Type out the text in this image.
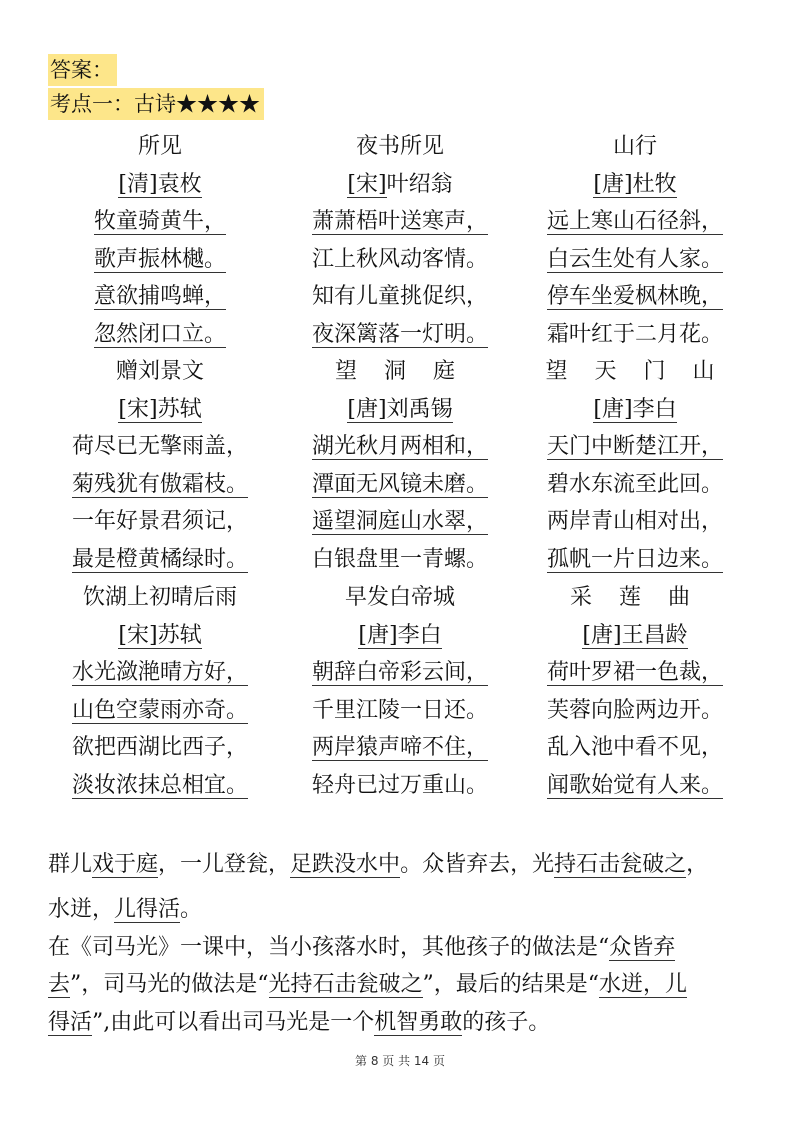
答案：
考点一：古诗★★★★
所见
[清]袁枚
牧童骑黄牛，
歌声振林樾。
意欲捕鸣蝉，
忽然闭口立。
夜书所见
[宋]叶绍翁
萧萧梧叶送寒声，
江上秋风动客情。
知有儿童挑促织，
夜深篱落一灯明。
山行
[唐]杜牧
远上寒山石径斜，
白云生处有人家。
停车坐爱枫林晚，
霜叶红于二月花。
赠刘景文
[宋]苏轼
荷尽已无擎雨盖，
菊残犹有傲霜枝。
一年好景君须记，
最是橙黄橘绿时。
望 洞 庭
[唐]刘禹锡
湖光秋月两相和，
潭面无风镜未磨。
遥望洞庭山水翠，
白银盘里一青螺。
望 天 门 山
[唐]李白
天门中断楚江开，
碧水东流至此回。
两岸青山相对出，
孤帆一片日边来。
饮湖上初晴后雨
[宋]苏轼
水光潋滟晴方好，
山色空蒙雨亦奇。
欲把西湖比西子，
淡妆浓抹总相宜。
早发白帝城
[唐]李白
朝辞白帝彩云间，
千里江陵一日还。
两岸猿声啼不住，
轻舟已过万重山。
采 莲 曲
[唐]王昌龄
荷叶罗裙一色裁，
芙蓉向脸两边开。
乱入池中看不见，
闻歌始觉有人来。
群儿戏于庭，一儿登瓮，足跌没水中。众皆弃去，光持石击瓮破之，
水迸，儿得活。
在《司马光》一课中，当小孩落水时，其他孩子的做法是“众皆弃
去”，司马光的做法是“光持石击瓮破之”，最后的结果是“水迸，儿
得活”,由此可以看出司马光是一个机智勇敢的孩子。
第 8 页 共 14 页
